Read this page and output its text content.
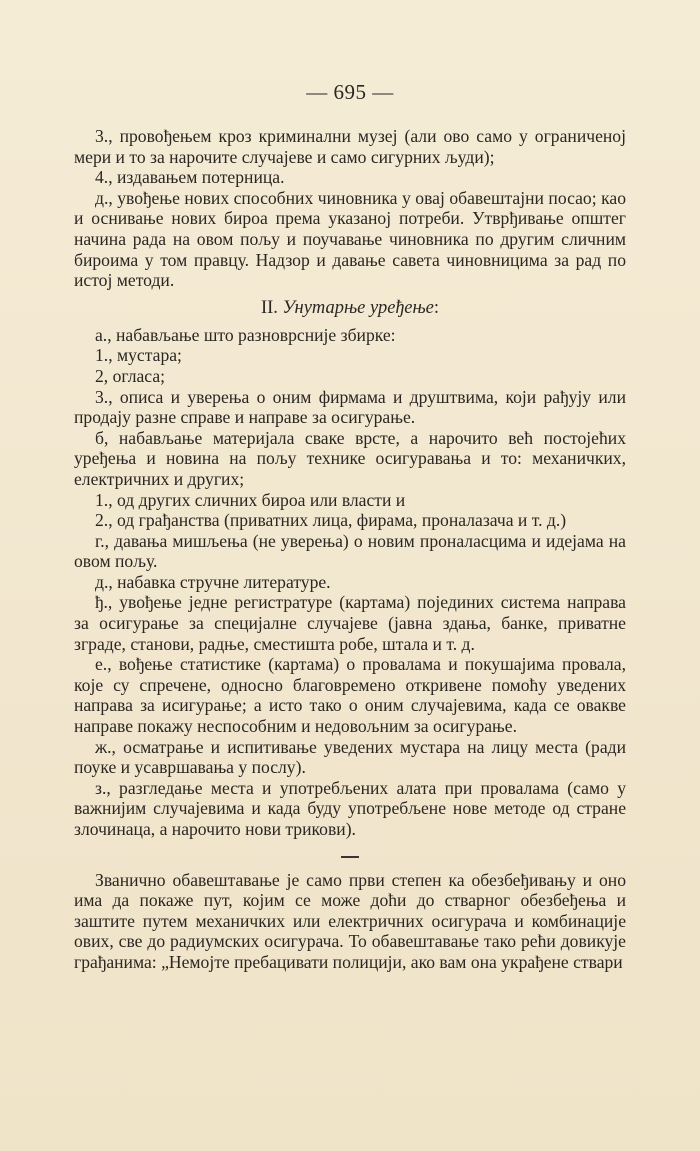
— 695 —

3., провођењем кроз криминални музеј (али ово само у ограниченој мери и то за нарочите случајеве и само сигурних људи);

4., издавањем потерница.

д., увођење нових способних чиновника у овај обавештајни посао; као и оснивање нових бироа према указаној потреби. Утврђивање општег начина рада на овом пољу и поучавање чиновника по другим сличним бироима у том правцу. Надзор и давање савета чиновницима за рад по истој методи.

II. Унутарње уређење:

а., набављање што разноврсније збирке:

1., мустара;

2, огласа;

3., описа и уверења о оним фирмама и друштвима, који рађују или продају разне справе и направе за осигурање.

б, набављање материјала сваке врсте, а нарочито већ постојећих уређења и новина на пољу технике осигуравања и то: механичких, електричних и других;

1., од других сличних бироа или власти и

2., од грађанства (приватних лица, фирама, проналазача и т. д.)

г., давања мишљења (не уверења) о новим проналасцима и идејама на овом пољу.

д., набавка стручне литературе.

ђ., увођење једне регистратуре (картама) појединих система направа за осигурање за специјалне случајеве (јавна здања, банке, приватне зграде, станови, радње, сместишта робе, штала и т. д.

е., вођење статистике (картама) о провалама и покушајима провала, које су спречене, односно благовремено откривене помоћу уведених направа за исигурање; а исто тако о оним случајевима, када се овакве направе покажу неспособним и недовољним за осигурање.

ж., осматрање и испитивање уведених мустара на лицу места (ради поуке и усавршавања у послу).

з., разгледање места и употребљених алата при провалама (само у важнијим случајевима и када буду употребљене нове методе од стране злочинаца, а нарочито нови трикови).

Званично обавештавање је само први степен ка обезбеђивању и оно има да покаже пут, којим се може доћи до стварног обезбеђења и заштите путем механичких или електричних осигурача и комбинације ових, све до радиумских осигурача. То обавештавање тако рећи довикује грађанима: „Немојте пребацивати полицији, ако вам она украђене ствари
